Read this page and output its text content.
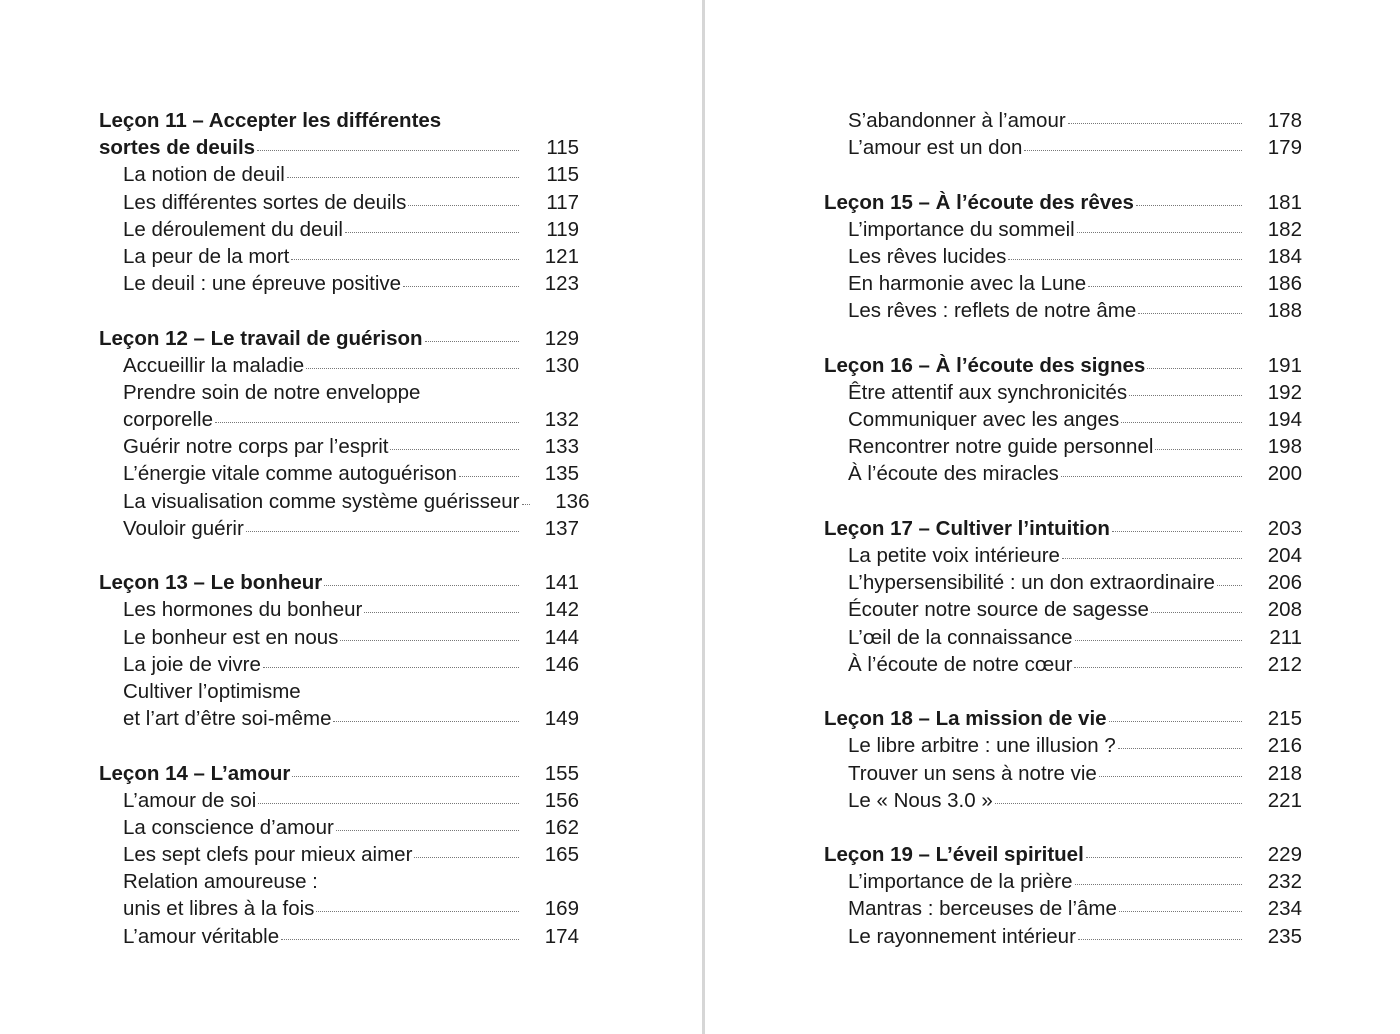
Leçon 11 – Accepter les différentes
sortes de deuils	115
La notion de deuil	115
Les différentes sortes de deuils	117
Le déroulement du deuil	119
La peur de la mort	121
Le deuil : une épreuve positive	123
Leçon 12 – Le travail de guérison	129
Accueillir la maladie	130
Prendre soin de notre enveloppe
corporelle	132
Guérir notre corps par l’esprit	133
L’énergie vitale comme autoguérison	135
La visualisation comme système guérisseur 136
Vouloir guérir	137
Leçon 13 – Le bonheur	141
Les hormones du bonheur	142
Le bonheur est en nous	144
La joie de vivre	146
Cultiver l’optimisme
et l’art d’être soi-même	149
Leçon 14 – L’amour	155
L’amour de soi	156
La conscience d’amour	162
Les sept clefs pour mieux aimer	165
Relation amoureuse :
unis et libres à la fois	169
L’amour véritable	174
S’abandonner à l’amour	178
L’amour est un don	179
Leçon 15 – À l’écoute des rêves	181
L’importance du sommeil	182
Les rêves lucides	184
En harmonie avec la Lune	186
Les rêves : reflets de notre âme	188
Leçon 16 – À l’écoute des signes	191
Être attentif aux synchronicités	192
Communiquer avec les anges	194
Rencontrer notre guide personnel	198
À l’écoute des miracles	200
Leçon 17 – Cultiver l’intuition	203
La petite voix intérieure	204
L’hypersensibilité : un don extraordinaire	206
Écouter notre source de sagesse	208
L’œil de la connaissance	211
À l’écoute de notre cœur	212
Leçon 18 – La mission de vie	215
Le libre arbitre : une illusion ?	216
Trouver un sens à notre vie	218
Le « Nous 3.0 »	221
Leçon 19 – L’éveil spirituel	229
L’importance de la prière	232
Mantras : berceuses de l’âme	234
Le rayonnement intérieur	235
